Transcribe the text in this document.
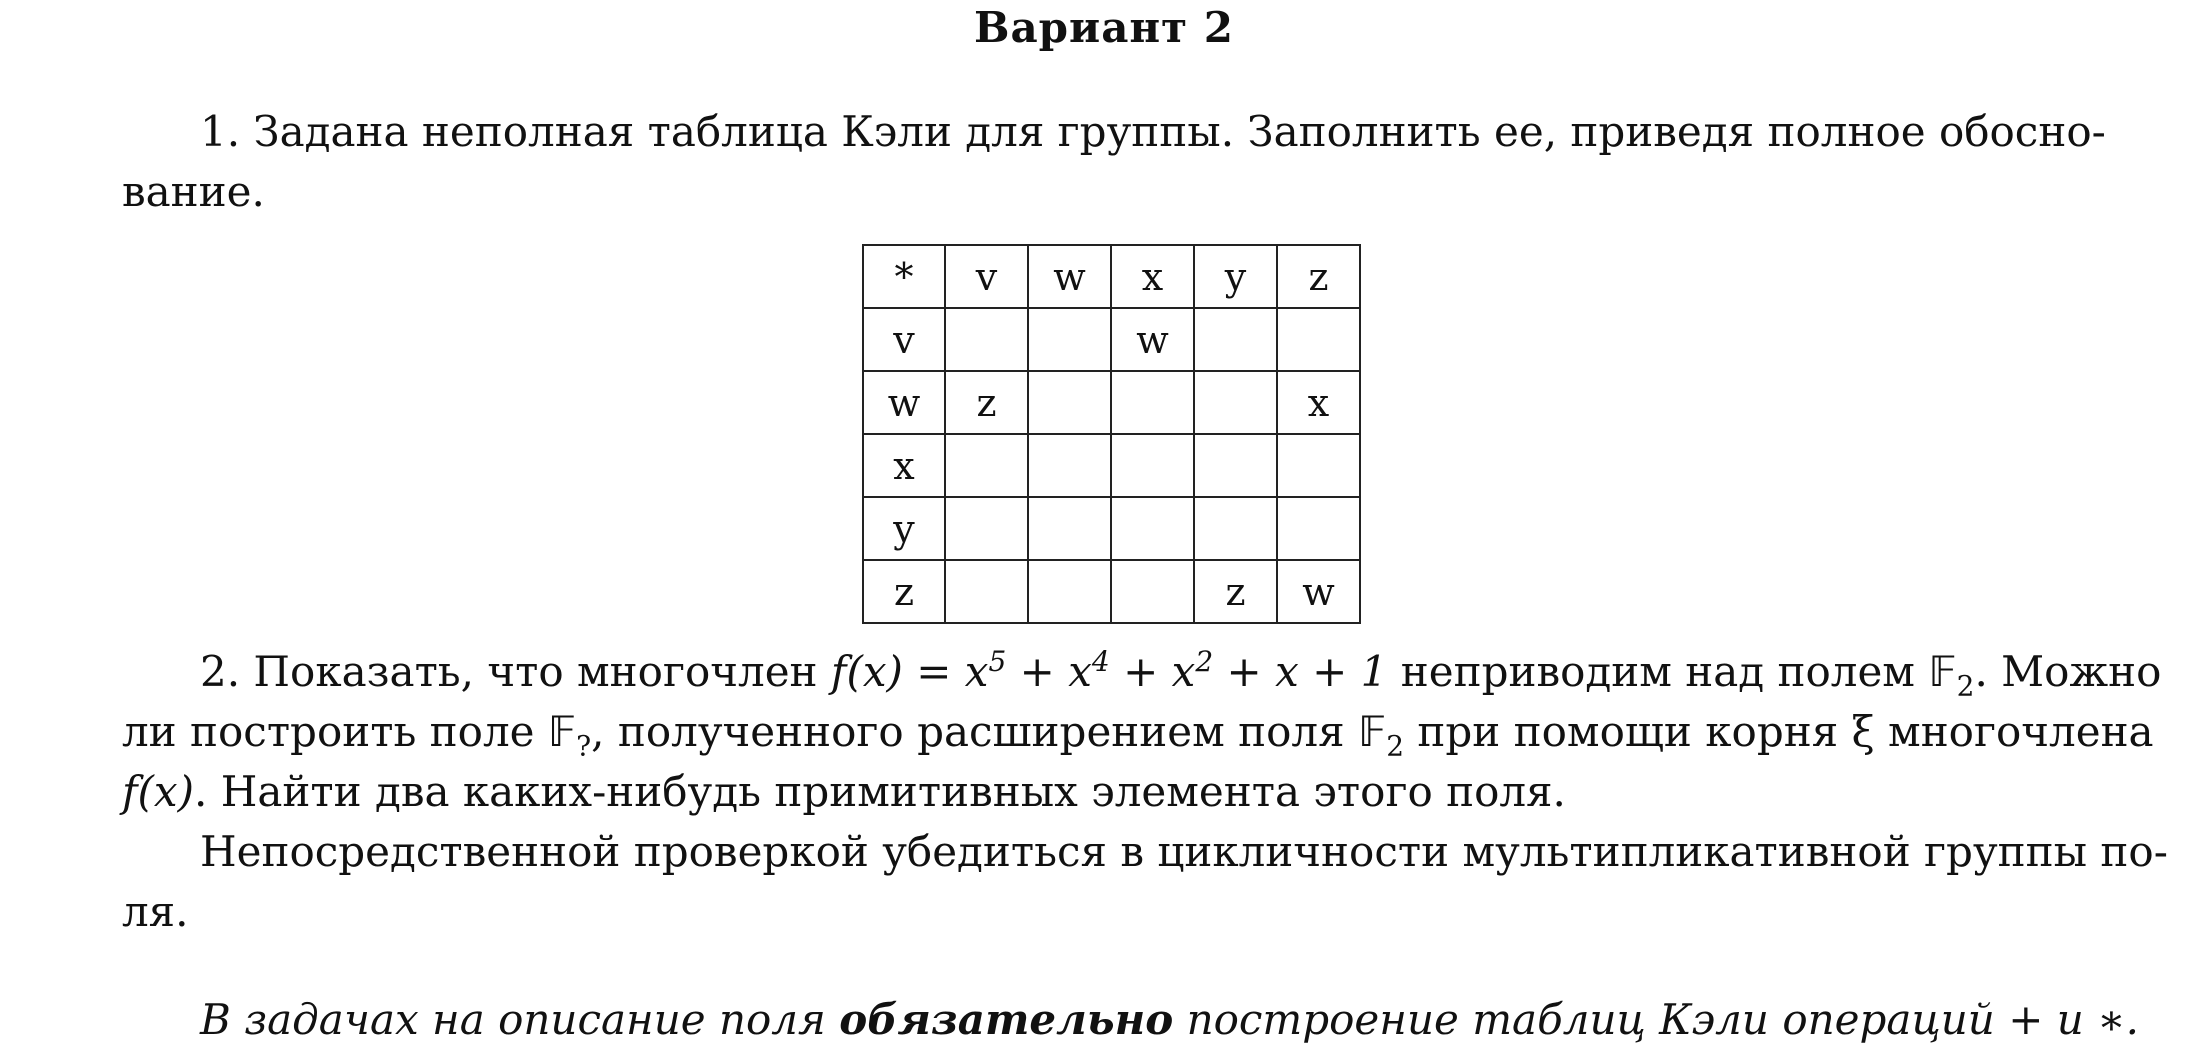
Вариант 2
1. Задана неполная таблица Кэли для группы. Заполнить ее, приведя полное обосно-
вание.
*	v	w	x	y	z
v			w		
w	z				x
x					
y					
z				z	w
2. Показать, что многочлен $f(x) = x^5 + x^4 + x^2 + x + 1$ неприводим над полем 𝔽$_2$. Можно
ли построить поле 𝔽$_?$, полученного расширением поля 𝔽$_2$ при помощи корня ξ многочлена
f(x). Найти два каких-нибудь примитивных элемента этого поля.
Непосредственной проверкой убедиться в цикличности мультипликативной группы по-
ля.
В задачах на описание поля обязательно построение таблиц Кэли операций + и ∗.
